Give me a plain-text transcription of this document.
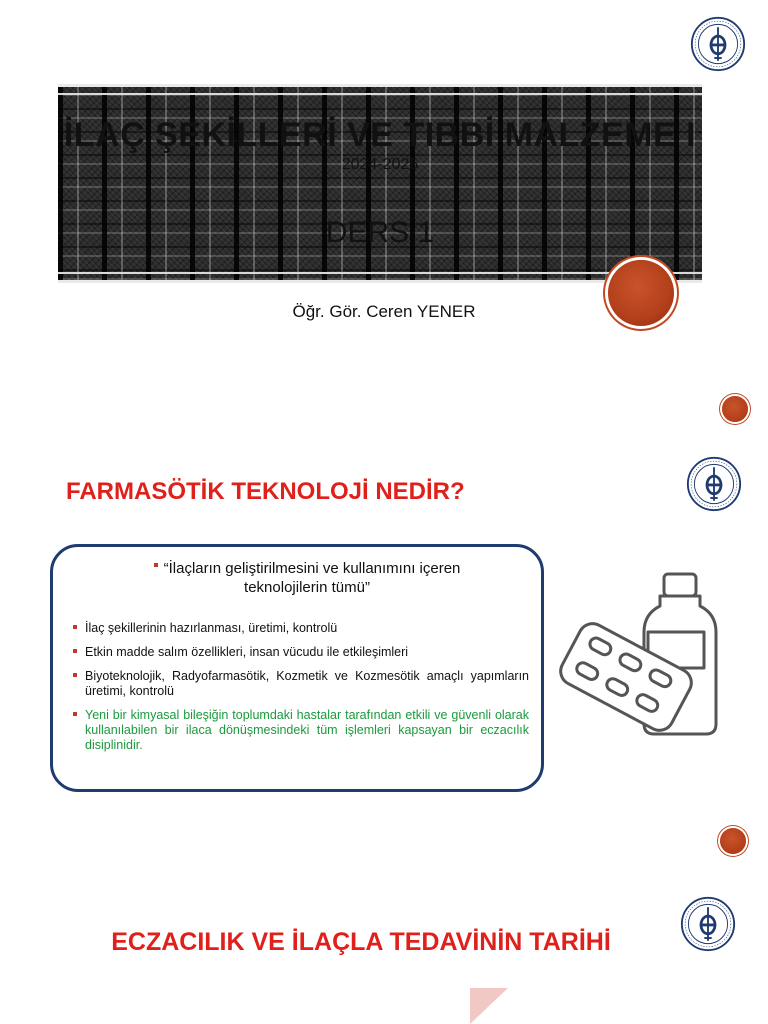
İLAÇ ŞEKİLLERİ VE TIBBİ MALZEME I

2024-2025

DERS 1

Öğr. Gör. Ceren YENER

FARMASÖTİK TEKNOLOJİ NEDİR?

“İlaçların geliştirilmesini ve kullanımını içeren teknolojilerin tümü”

İlaç şekillerinin hazırlanması, üretimi, kontrolü
Etkin madde salım özellikleri, insan vücudu ile etkileşimleri
Biyoteknolojik, Radyofarmasötik, Kozmetik ve Kozmesötik amaçlı yapımların üretimi, kontrolü
Yeni bir kimyasal bileşiğin toplumdaki hastalar tarafından etkili ve güvenli olarak kullanılabilen bir ilaca dönüşmesindeki tüm işlemleri kapsayan bir eczacılık disiplinidir.
ECZACILIK VE İLAÇLA TEDAVİNİN TARİHİ
